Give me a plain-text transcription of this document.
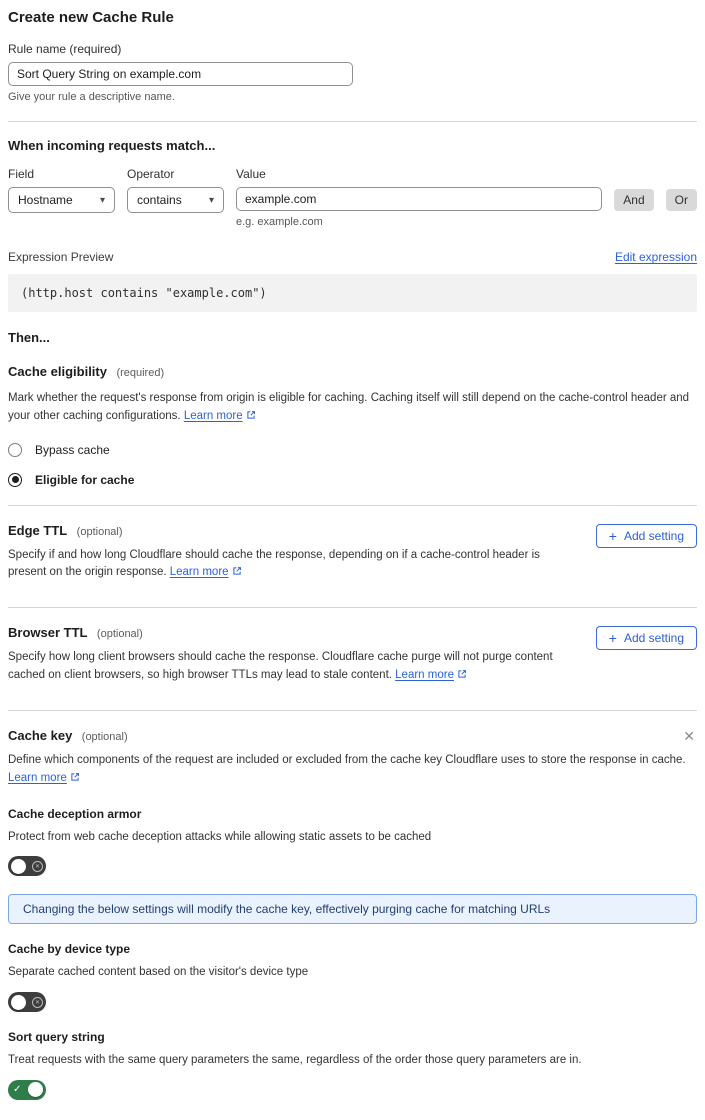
Create new Cache Rule
Rule name (required)
Sort Query String on example.com
Give your rule a descriptive name.
When incoming requests match...
Field
Hostname	▾
Operator
contains	▾
Value
example.com
e.g. example.com
And	Or
Expression Preview	Edit expression
(http.host contains "example.com")
Then...
Cache eligibility (required)

Mark whether the request's response from origin is eligible for caching. Caching itself will still depend on the cache-control header and your other caching configurations. Learn more

Bypass cache
Eligible for cache
Edge TTL (optional)

Specify if and how long Cloudflare should cache the response, depending on if a cache-control header is present on the origin response. Learn more

+ Add setting
Browser TTL (optional)

Specify how long client browsers should cache the response. Cloudflare cache purge will not purge content cached on client browsers, so high browser TTLs may lead to stale content. Learn more

+ Add setting
Cache key (optional)	✕

Define which components of the request are included or excluded from the cache key Cloudflare uses to store the response in cache.
Learn more

Cache deception armor

Protect from web cache deception attacks while allowing static assets to be cached

✕
Changing the below settings will modify the cache key, effectively purging cache for matching URLs
Cache by device type

Separate cached content based on the visitor's device type

✕
Sort query string

Treat requests with the same query parameters the same, regardless of the order those query parameters are in.

✓
